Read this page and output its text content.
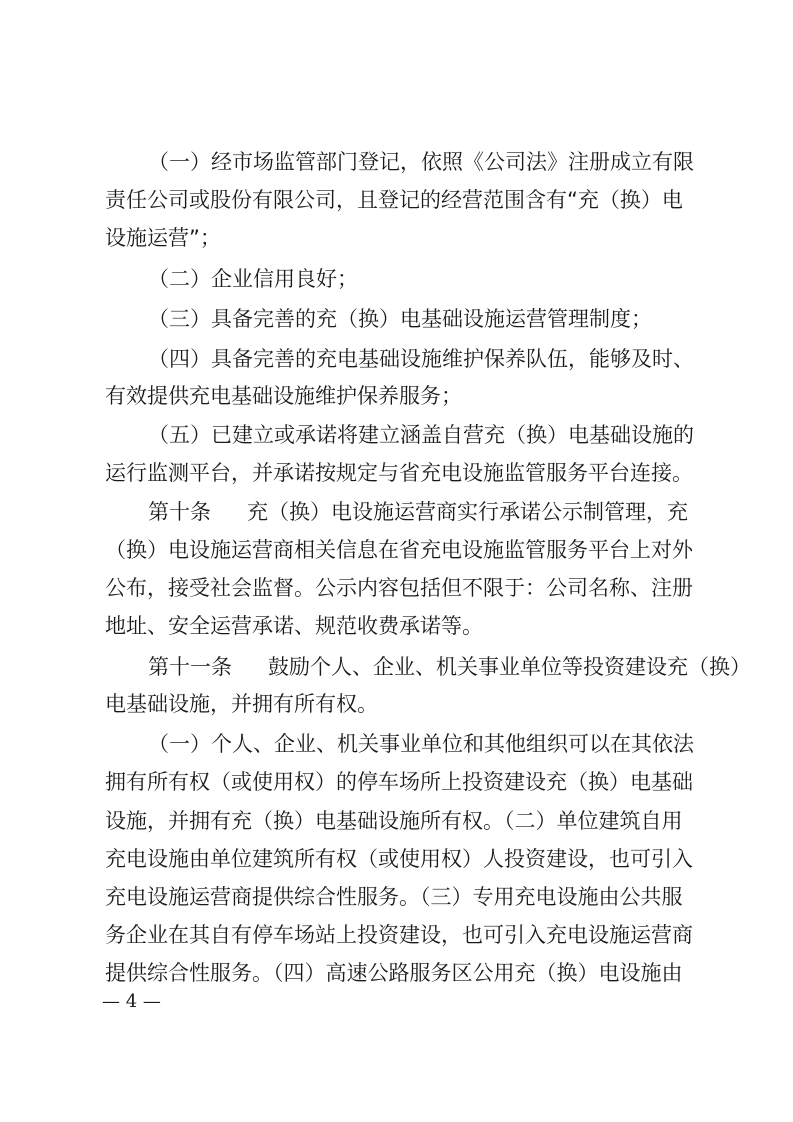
（一）经市场监管部门登记，依照《公司法》注册成立有限
责任公司或股份有限公司，且登记的经营范围含有“充（换）电
设施运营”；
（二）企业信用良好；
（三）具备完善的充（换）电基础设施运营管理制度；
（四）具备完善的充电基础设施维护保养队伍，能够及时、
有效提供充电基础设施维护保养服务；
（五）已建立或承诺将建立涵盖自营充（换）电基础设施的
运行监测平台，并承诺按规定与省充电设施监管服务平台连接。
第十条 充（换）电设施运营商实行承诺公示制管理，充
（换）电设施运营商相关信息在省充电设施监管服务平台上对外
公布，接受社会监督。公示内容包括但不限于：公司名称、注册
地址、安全运营承诺、规范收费承诺等。
第十一条 鼓励个人、企业、机关事业单位等投资建设充（换）
电基础设施，并拥有所有权。
（一）个人、企业、机关事业单位和其他组织可以在其依法
拥有所有权（或使用权）的停车场所上投资建设充（换）电基础
设施，并拥有充（换）电基础设施所有权。（二）单位建筑自用
充电设施由单位建筑所有权（或使用权）人投资建设，也可引入
充电设施运营商提供综合性服务。（三）专用充电设施由公共服
务企业在其自有停车场站上投资建设，也可引入充电设施运营商
提供综合性服务。（四）高速公路服务区公用充（换）电设施由
— 4 —
